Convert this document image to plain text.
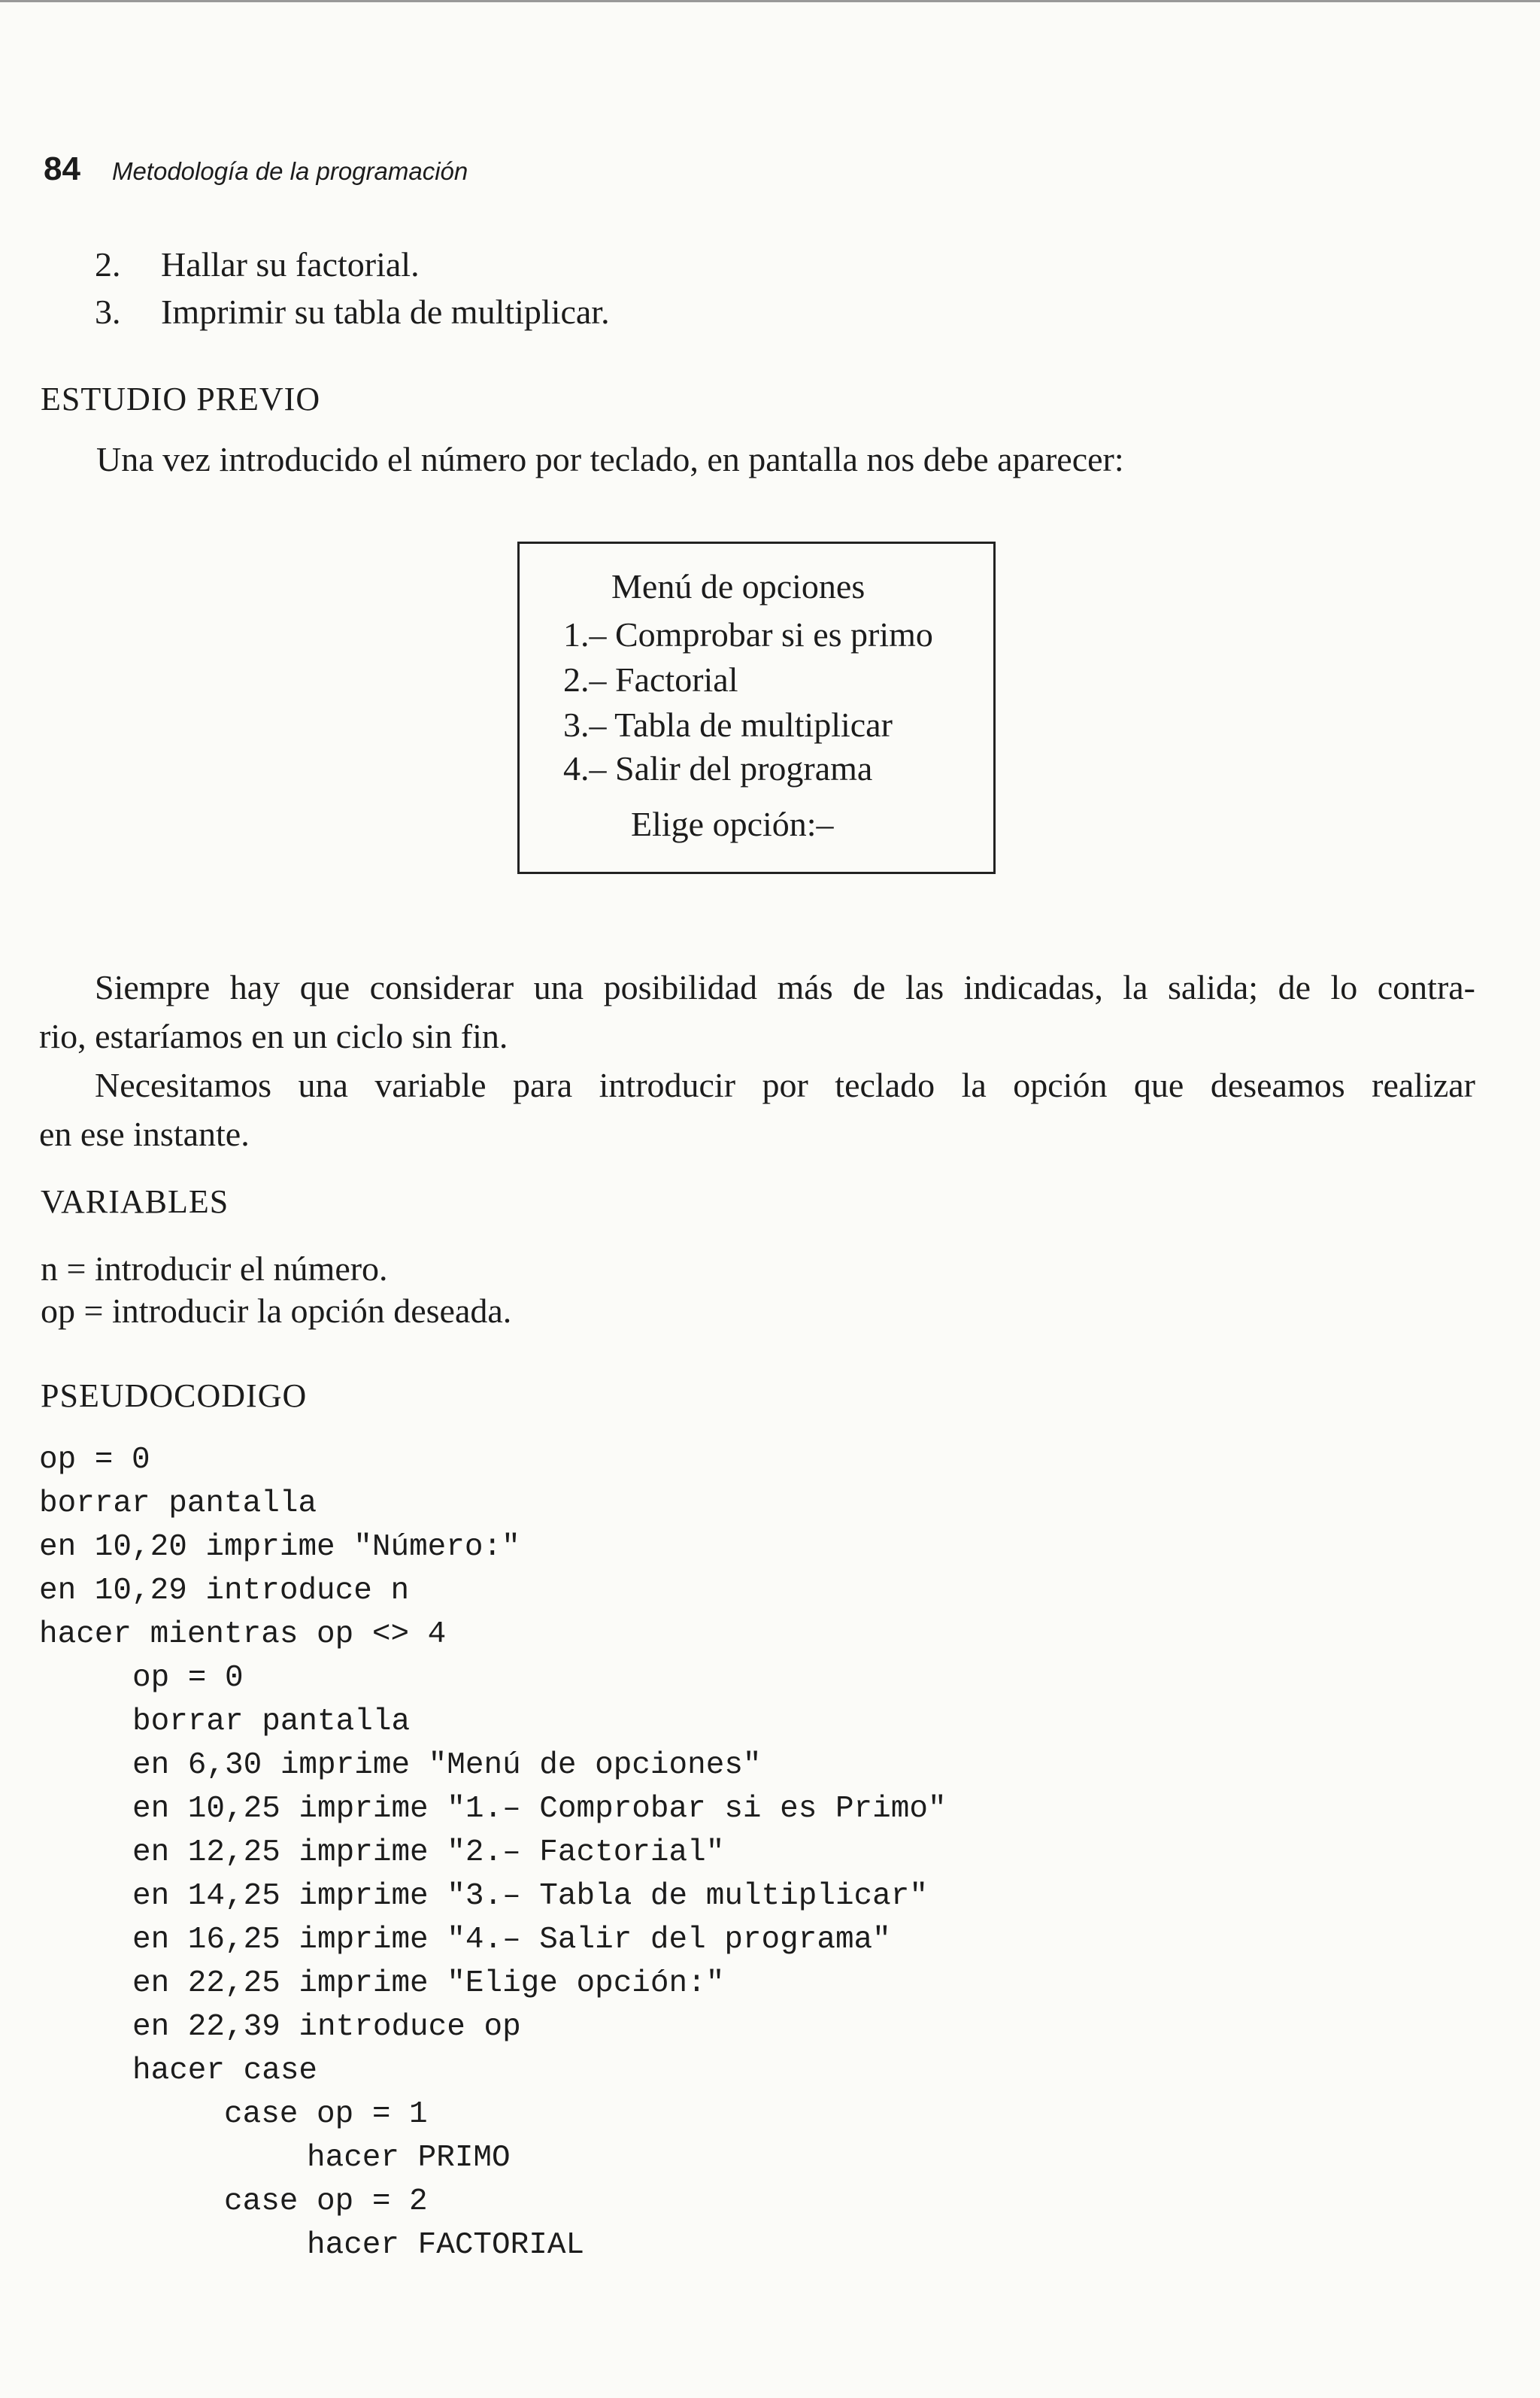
84 Metodología de la programación
2. Hallar su factorial.
3. Imprimir su tabla de multiplicar.
ESTUDIO PREVIO
Una vez introducido el número por teclado, en pantalla nos debe aparecer:
Menú de opciones
1.– Comprobar si es primo
2.– Factorial
3.– Tabla de multiplicar
4.– Salir del programa
Elige opción:–
Siempre hay que considerar una posibilidad más de las indicadas, la salida; de lo contra-
rio, estaríamos en un ciclo sin fin.
Necesitamos una variable para introducir por teclado la opción que deseamos realizar
en ese instante.
VARIABLES
n = introducir el número.
op = introducir la opción deseada.
PSEUDOCODIGO
op = 0
borrar pantalla
en 10,20 imprime "Número:"
en 10,29 introduce n
hacer mientras op <> 4
op = 0
borrar pantalla
en 6,30 imprime "Menú de opciones"
en 10,25 imprime "1.– Comprobar si es Primo"
en 12,25 imprime "2.– Factorial"
en 14,25 imprime "3.– Tabla de multiplicar"
en 16,25 imprime "4.– Salir del programa"
en 22,25 imprime "Elige opción:"
en 22,39 introduce op
hacer case
case op = 1
hacer PRIMO
case op = 2
hacer FACTORIAL
